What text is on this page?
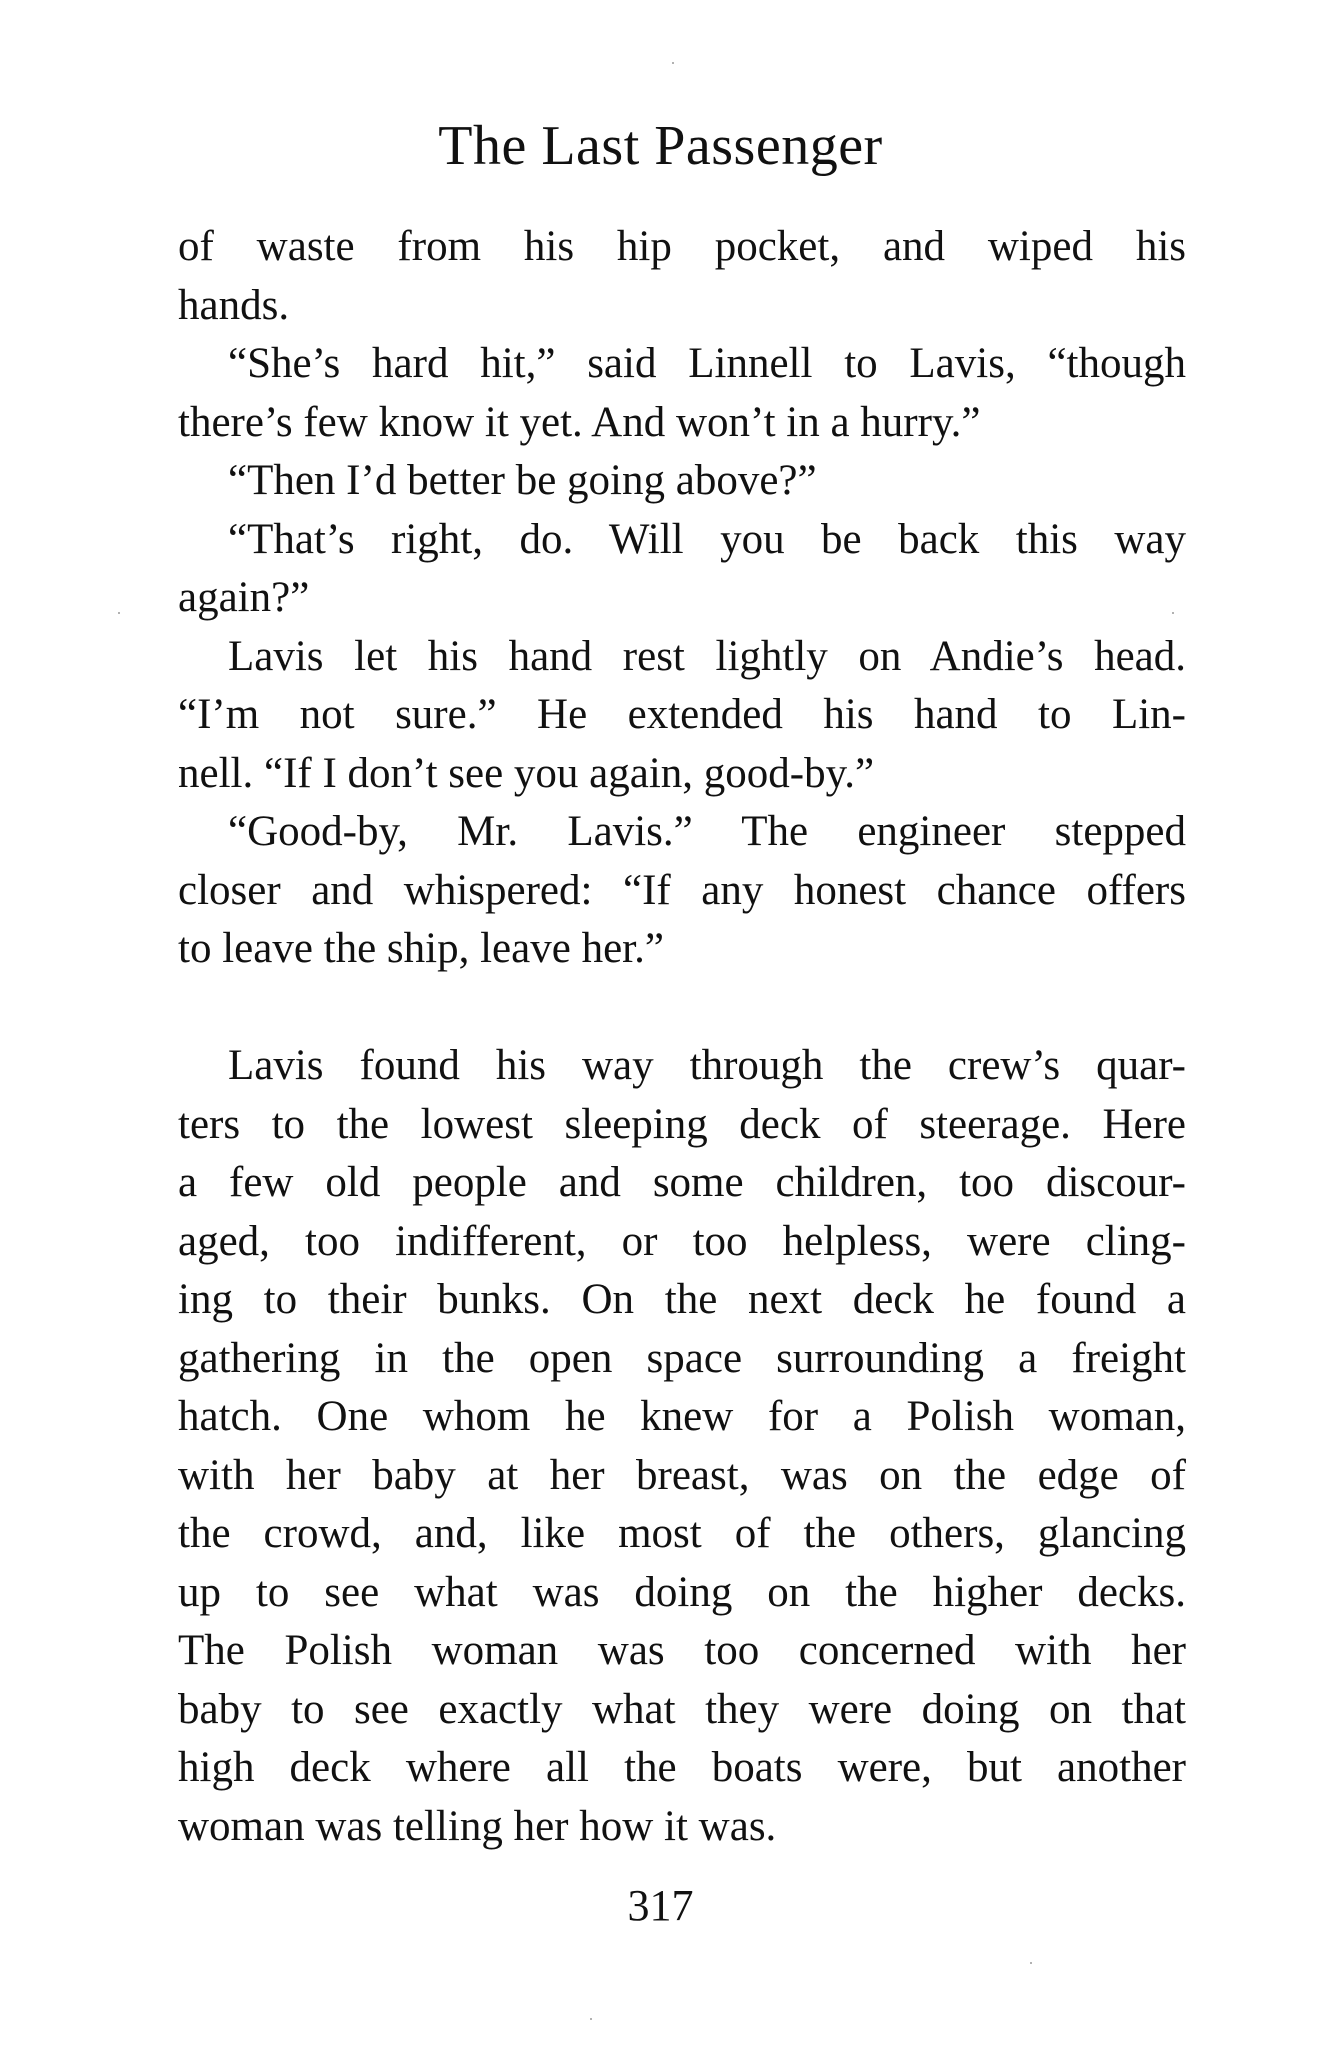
The Last Passenger
of waste from his hip pocket, and wiped his
hands.
“She’s hard hit,” said Linnell to Lavis, “though
there’s few know it yet. And won’t in a hurry.”
“Then I’d better be going above?”
“That’s right, do. Will you be back this way
again?”
Lavis let his hand rest lightly on Andie’s head.
“I’m not sure.” He extended his hand to Lin-
nell. “If I don’t see you again, good-by.”
“Good-by, Mr. Lavis.” The engineer stepped
closer and whispered: “If any honest chance offers
to leave the ship, leave her.”
Lavis found his way through the crew’s quar-
ters to the lowest sleeping deck of steerage. Here
a few old people and some children, too discour-
aged, too indifferent, or too helpless, were cling-
ing to their bunks. On the next deck he found a
gathering in the open space surrounding a freight
hatch. One whom he knew for a Polish woman,
with her baby at her breast, was on the edge of
the crowd, and, like most of the others, glancing
up to see what was doing on the higher decks.
The Polish woman was too concerned with her
baby to see exactly what they were doing on that
high deck where all the boats were, but another
woman was telling her how it was.
317
